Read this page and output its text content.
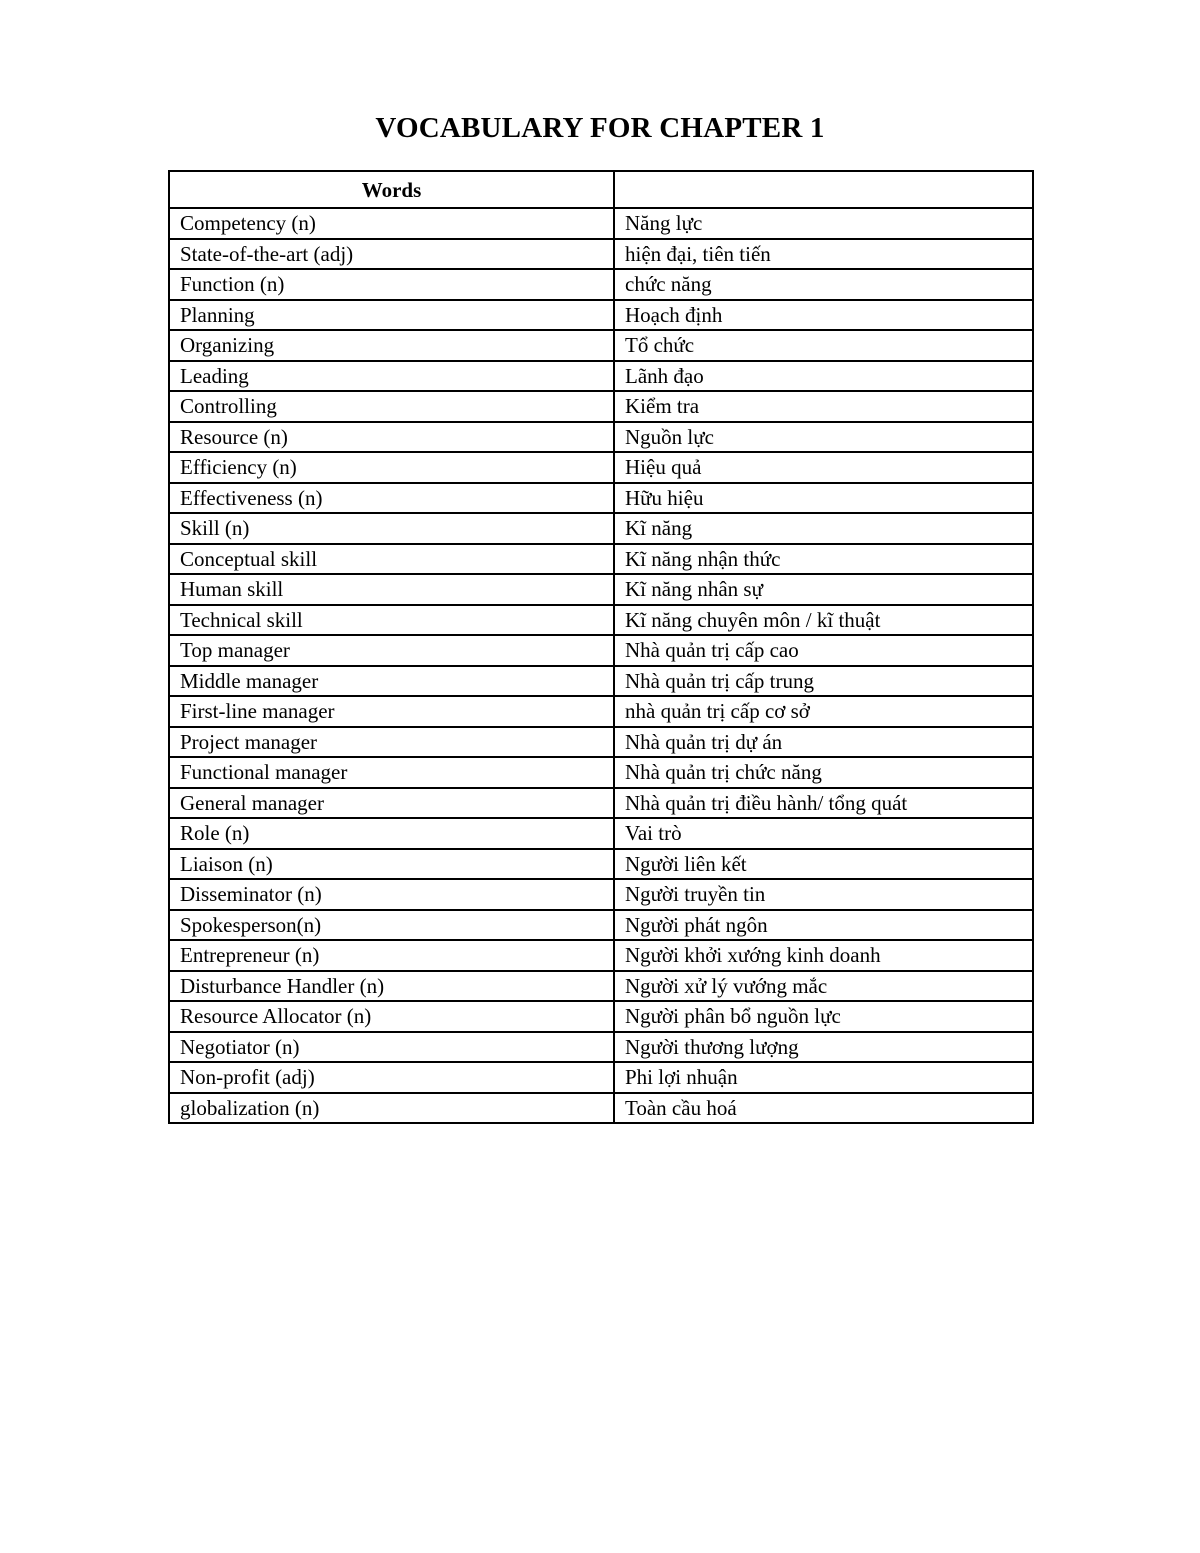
VOCABULARY FOR CHAPTER 1
Words	
Competency (n)	Năng lực
State-of-the-art (adj)	hiện đại, tiên tiến
Function (n)	chức năng
Planning	Hoạch định
Organizing	Tổ chức
Leading	Lãnh đạo
Controlling	Kiểm tra
Resource (n)	Nguồn lực
Efficiency (n)	Hiệu quả
Effectiveness (n)	Hữu hiệu
Skill (n)	Kĩ năng
Conceptual skill	Kĩ năng nhận thức
Human skill	Kĩ năng nhân sự
Technical skill	Kĩ năng chuyên môn / kĩ thuật
Top manager	Nhà quản trị cấp cao
Middle manager	Nhà quản trị cấp trung
First-line manager	nhà quản trị cấp cơ sở
Project manager	Nhà quản trị dự án
Functional manager	Nhà quản trị chức năng
General manager	Nhà quản trị điều hành/ tổng quát
Role (n)	Vai trò
Liaison (n)	Người liên kết
Disseminator (n)	Người truyền tin
Spokesperson(n)	Người phát ngôn
Entrepreneur (n)	Người khởi xướng kinh doanh
Disturbance Handler (n)	Người xử lý vướng mắc
Resource Allocator (n)	Người phân bổ nguồn lực
Negotiator (n)	Người thương lượng
Non-profit (adj)	Phi lợi nhuận
globalization (n)	Toàn cầu hoá
